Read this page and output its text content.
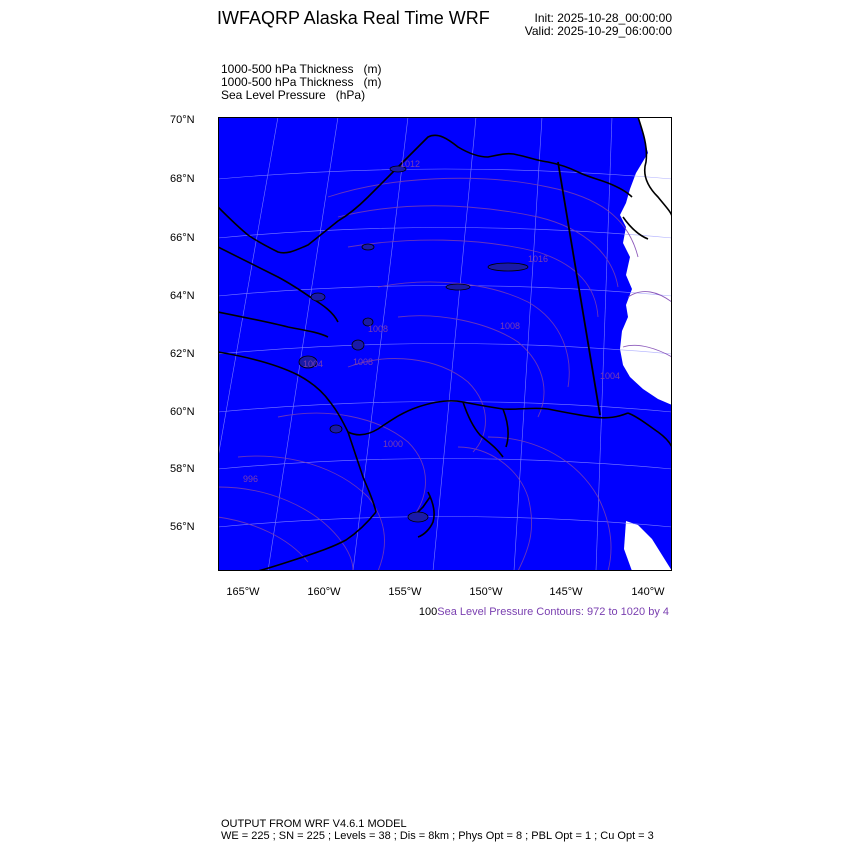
IWFAQRP Alaska Real Time WRF	Init: 2025-10-28_00:00:00
Valid: 2025-10-29_06:00:00
1000-500 hPa Thickness   (m)
1000-500 hPa Thickness   (m)
Sea Level Pressure   (hPa)
70°N
68°N
66°N
64°N
62°N
60°N
58°N
56°N
165°W	160°W	155°W	150°W	145°W	140°W
1012
1016
1008
1008
1004
1000
996
1008
1004
100Sea Level Pressure Contours: 972 to 1020 by 4
OUTPUT FROM WRF V4.6.1 MODEL
WE = 225 ; SN = 225 ; Levels = 38 ; Dis = 8km ; Phys Opt = 8 ; PBL Opt = 1 ; Cu Opt = 3
